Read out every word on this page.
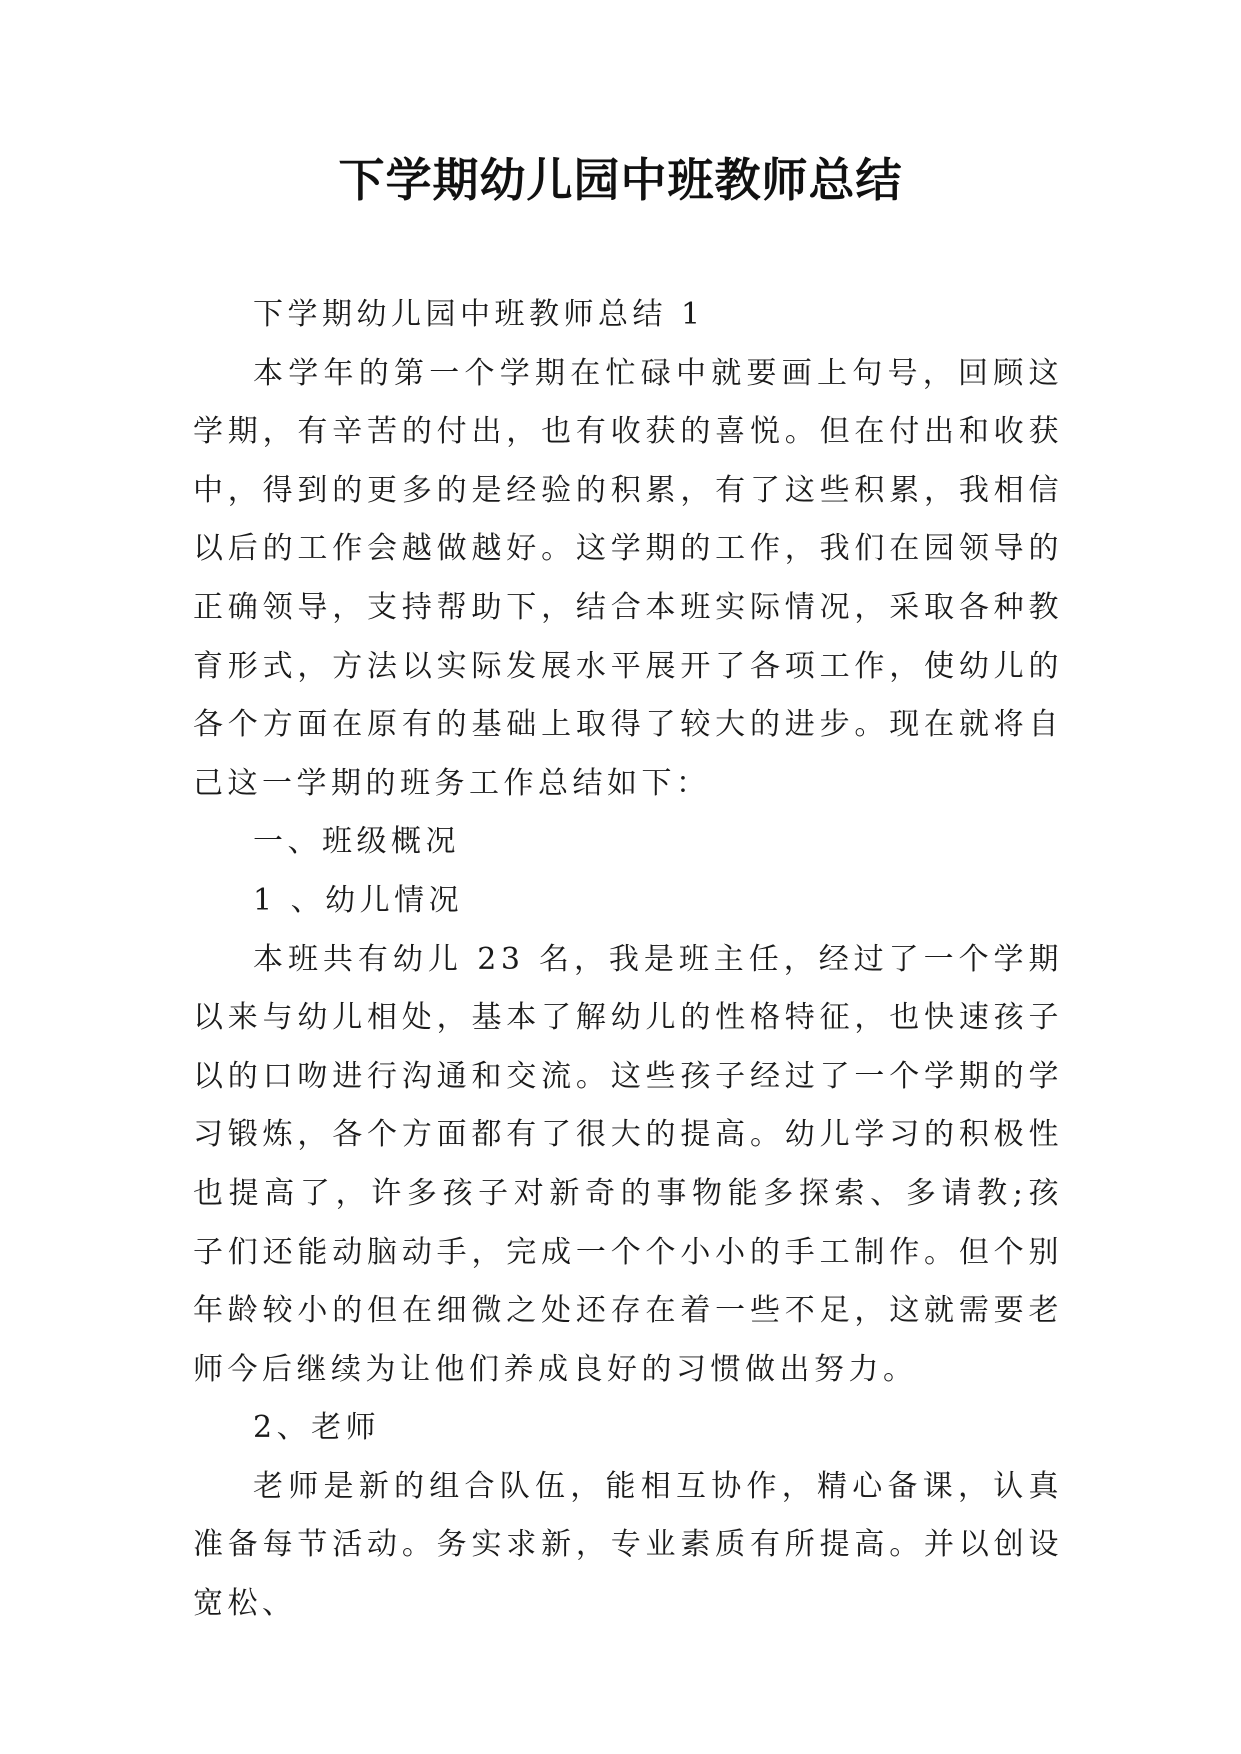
下学期幼儿园中班教师总结

下学期幼儿园中班教师总结 1

本学年的第一个学期在忙碌中就要画上句号，回顾这学期，有辛苦的付出，也有收获的喜悦。但在付出和收获中，得到的更多的是经验的积累，有了这些积累，我相信以后的工作会越做越好。这学期的工作，我们在园领导的正确领导，支持帮助下，结合本班实际情况，采取各种教育形式，方法以实际发展水平展开了各项工作，使幼儿的各个方面在原有的基础上取得了较大的进步。现在就将自己这一学期的班务工作总结如下：

一、班级概况

1 、幼儿情况

本班共有幼儿 23 名，我是班主任，经过了一个学期以来与幼儿相处，基本了解幼儿的性格特征，也快速孩子以的口吻进行沟通和交流。这些孩子经过了一个学期的学习锻炼，各个方面都有了很大的提高。幼儿学习的积极性也提高了，许多孩子对新奇的事物能多探索、多请教;孩子们还能动脑动手，完成一个个小小的手工制作。但个别年龄较小的但在细微之处还存在着一些不足，这就需要老师今后继续为让他们养成良好的习惯做出努力。

2、老师

老师是新的组合队伍，能相互协作，精心备课，认真准备每节活动。务实求新，专业素质有所提高。并以创设宽松、
